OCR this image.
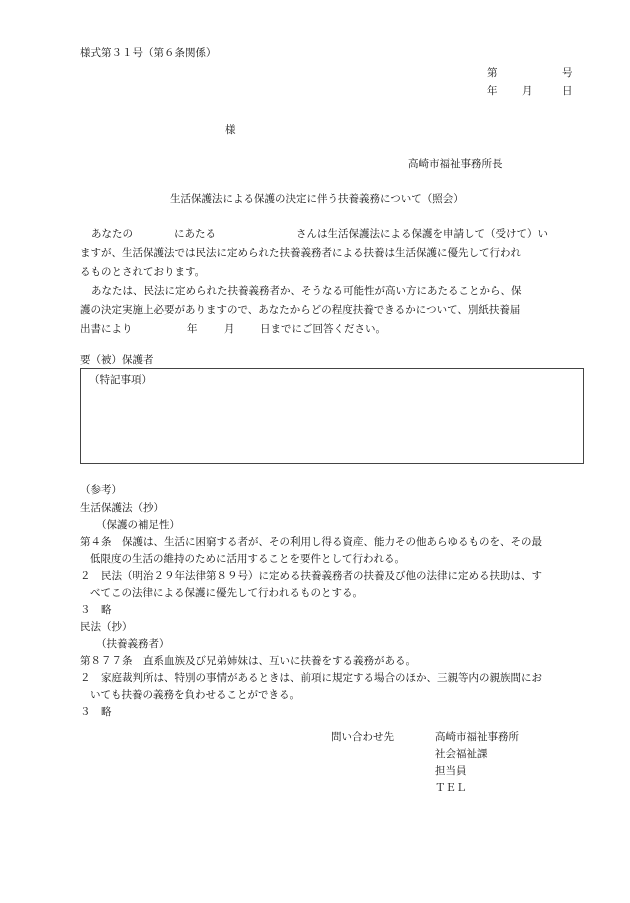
様式第３１号（第６条関係）
第	号
年 月	日
様
高崎市福祉事務所長
生活保護法による保護の決定に伴う扶養義務について（照会）
あなたの	にあたる	さんは生活保護法による保護を申請して（受けて）い
ますが、生活保護法では民法に定められた扶養義務者による扶養は生活保護に優先して行われ
るものとされております。
あなたは、民法に定められた扶養義務者か、そうなる可能性が高い方にあたることから、保
護の決定実施上必要がありますので、あなたからどの程度扶養できるかについて、別紙扶養届
出書により	年	月 日までにご回答ください。
要（被）保護者
（特記事項）
（参考）
生活保護法（抄）
（保護の補足性）
第４条　保護は、生活に困窮する者が、その利用し得る資産、能力その他あらゆるものを、その最
低限度の生活の維持のために活用することを要件として行われる。
２　民法（明治２９年法律第８９号）に定める扶養義務者の扶養及び他の法律に定める扶助は、す
べてこの法律による保護に優先して行われるものとする。
３　略
民法（抄）
（扶養義務者）
第８７７条　直系血族及び兄弟姉妹は、互いに扶養をする義務がある。
２　家庭裁判所は、特別の事情があるときは、前項に規定する場合のほか、三親等内の親族間にお
いても扶養の義務を負わせることができる。
３　略
問い合わせ先	高崎市福祉事務所
社会福祉課
担当員
ＴＥＬ
